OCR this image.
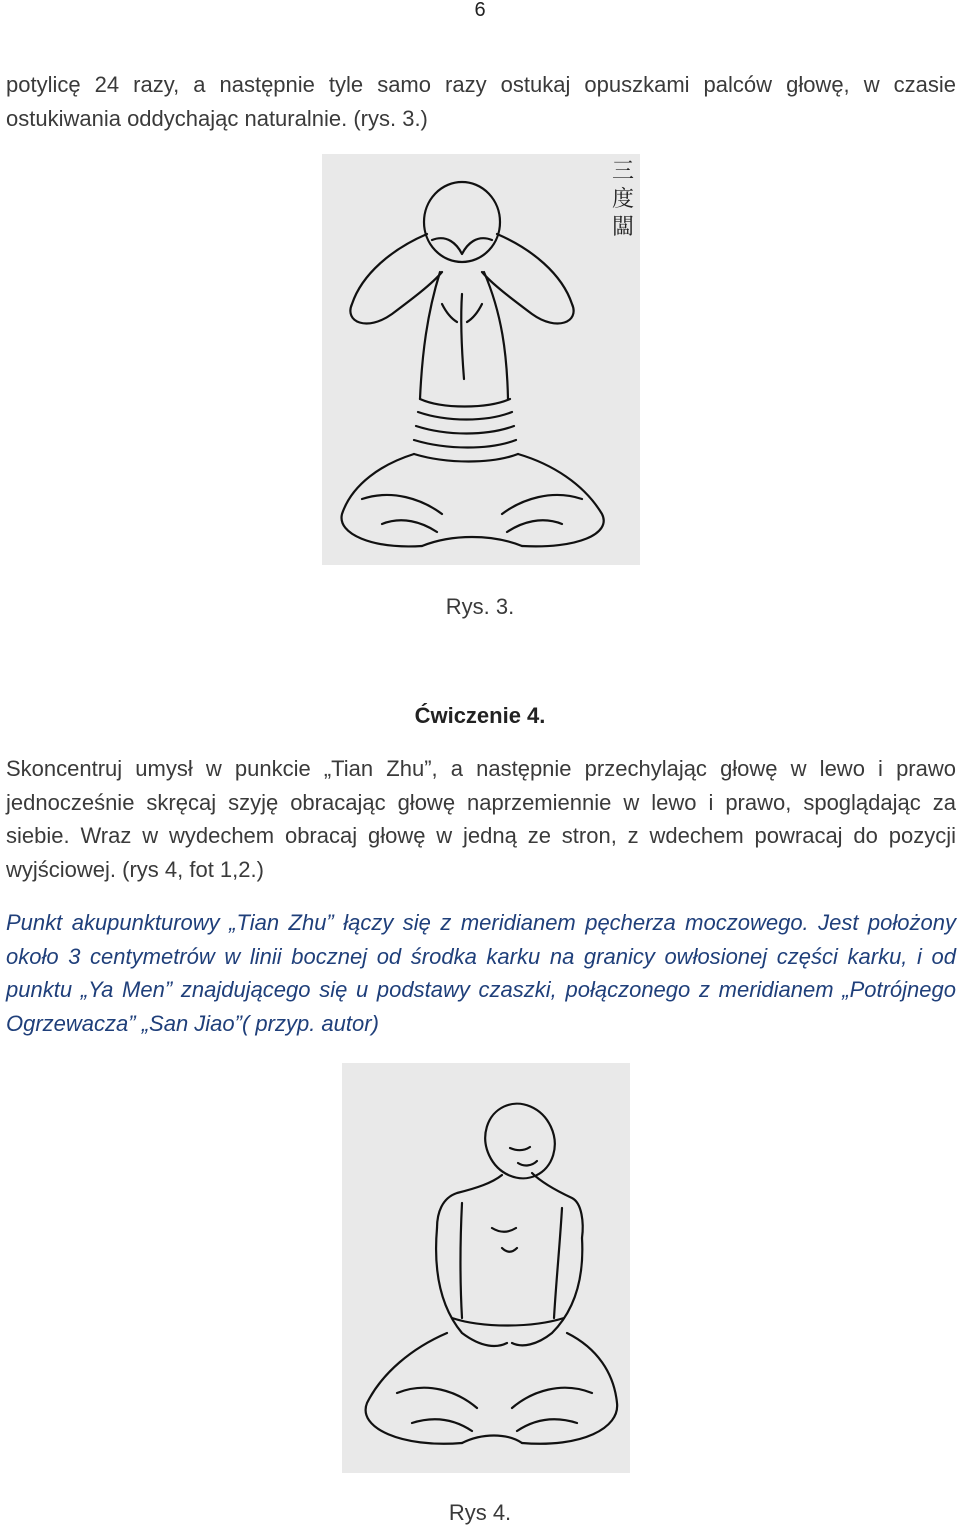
6
potylicę 24 razy, a następnie tyle samo razy ostukaj opuszkami palców głowę, w czasie ostukiwania oddychając naturalnie. (rys. 3.)
三度闆
Rys. 3.
Ćwiczenie 4.
Skoncentruj umysł w punkcie „Tian Zhu”, a następnie przechylając głowę w lewo i prawo jednocześnie skręcaj szyję obracając głowę naprzemiennie w lewo i prawo, spoglądając za siebie. Wraz w wydechem obracaj głowę w jedną ze stron, z wdechem powracaj do pozycji wyjściowej. (rys 4, fot 1,2.)
Punkt akupunkturowy „Tian Zhu” łączy się z meridianem pęcherza moczowego. Jest położony około 3 centymetrów w linii bocznej od środka karku na granicy owłosionej części karku, i od punktu „Ya Men” znajdującego się u podstawy czaszki, połączonego z meridianem „Potrójnego Ogrzewacza” „San Jiao”( przyp. autor)
Rys 4.
